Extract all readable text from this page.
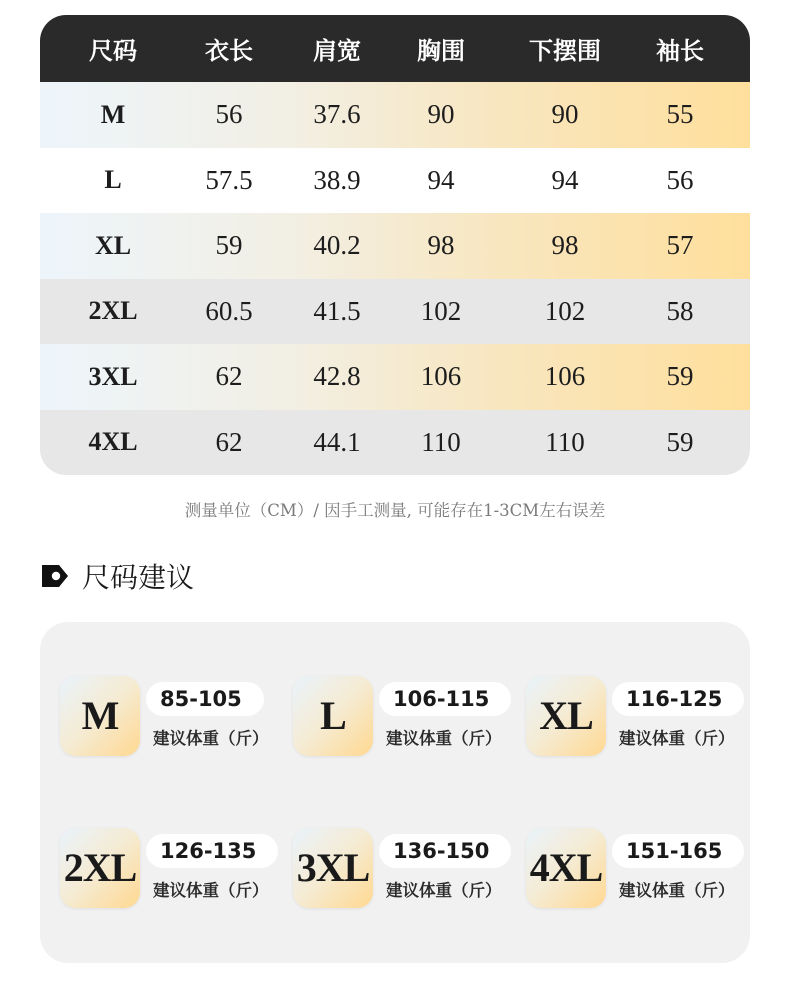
尺码	衣长	肩宽	胸围	下摆围	袖长
M	56	37.6	90	90	55
L	57.5	38.9	94	94	56
XL	59	40.2	98	98	57
2XL	60.5	41.5	102	102	58
3XL	62	42.8	106	106	59
4XL	62	44.1	110	110	59
测量单位（CM）/ 因手工测量, 可能存在1-3CM左右误差
尺码建议
M	85-105
建议体重（斤）
L	106-115
建议体重（斤）
XL	116-125
建议体重（斤）
2XL	126-135
建议体重（斤）
3XL	136-150
建议体重（斤）
4XL	151-165
建议体重（斤）
